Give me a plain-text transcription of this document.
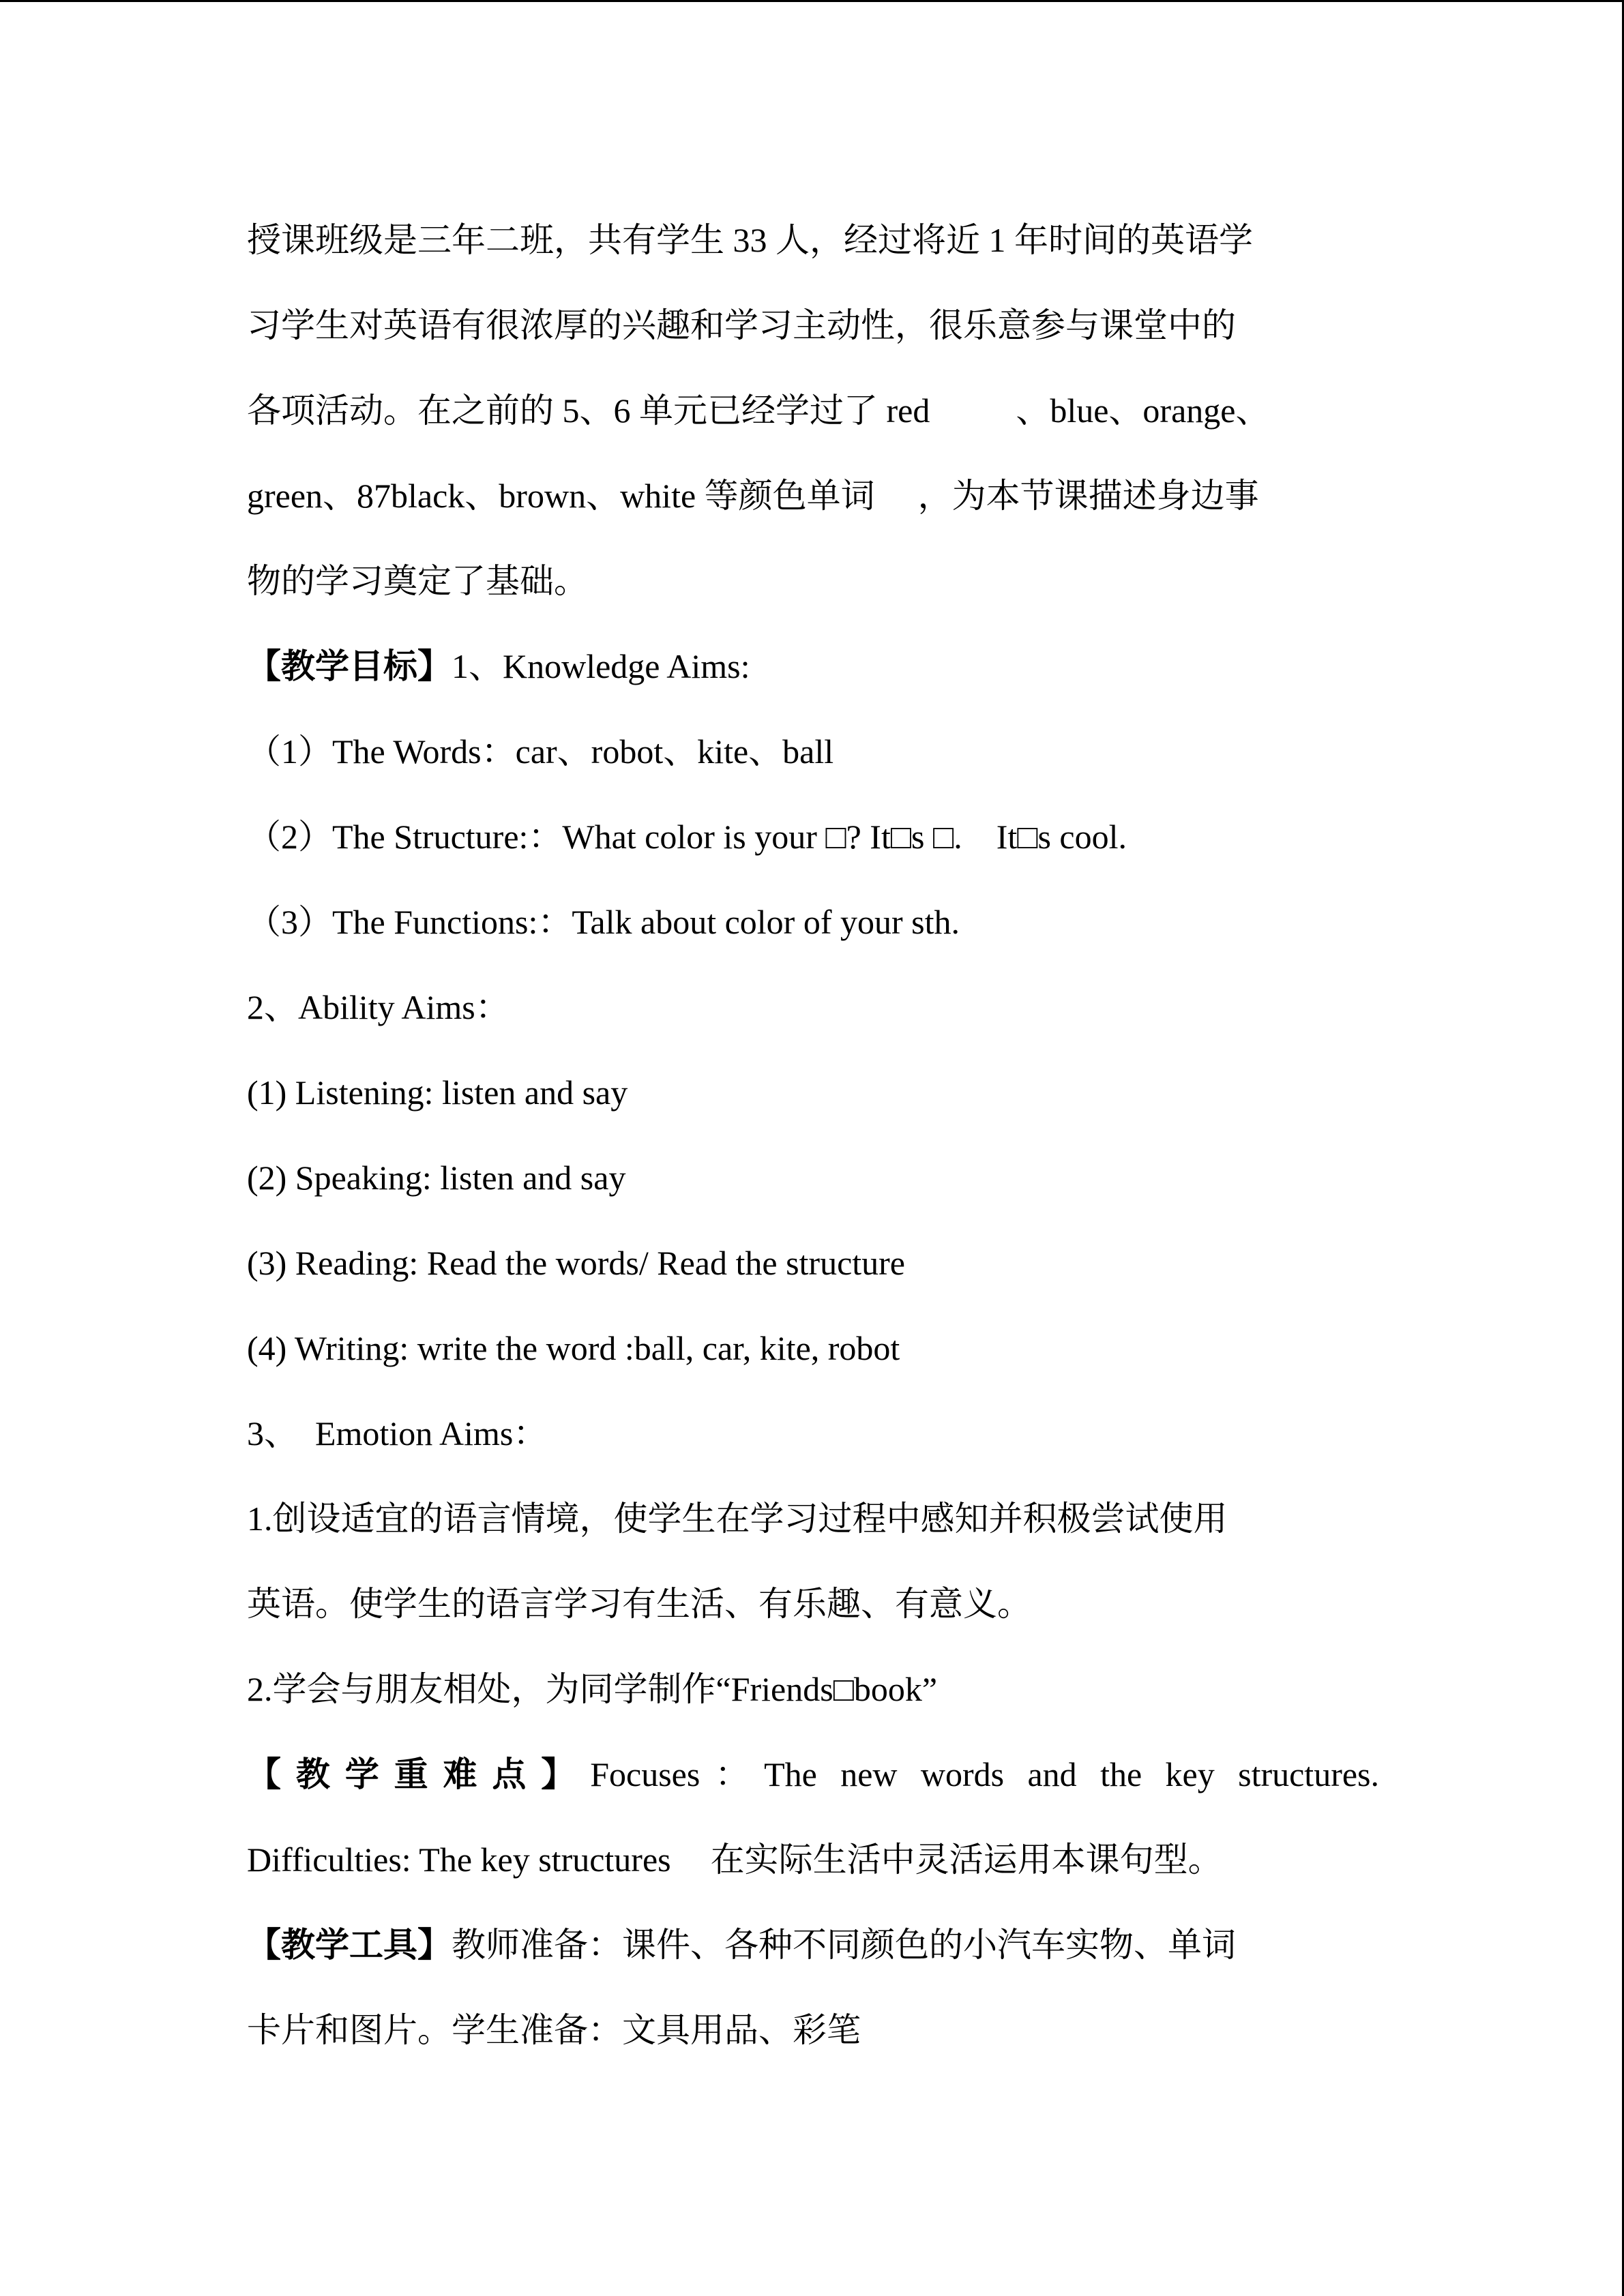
授课班级是三年二班，共有学生 33 人，经过将近 1 年时间的英语学
习学生对英语有很浓厚的兴趣和学习主动性，很乐意参与课堂中的
各项活动。在之前的 5、6 单元已经学过了 red	、blue、orange、
green、87black、brown、white 等颜色单词 ，为本节课描述身边事
物的学习奠定了基础。
【教学目标】1、Knowledge Aims:
（1）The Words：car、robot、kite、ball
（2）The Structure:：What color is your □? It□s □.    It□s cool.
（3）The Functions:：Talk about color of your sth.
2、Ability Aims：
(1) Listening: listen and say
(2) Speaking: listen and say
(3) Reading: Read the words/ Read the structure
(4) Writing: write the word :ball, car, kite, robot
3、  Emotion Aims：
1.创设适宜的语言情境，使学生在学习过程中感知并积极尝试使用
英语。使学生的语言学习有生活、有乐趣、有意义。
2.学会与朋友相处，为同学制作“Friends□book”
【教学重难点】Focuses：The new words and the key structures.
Difficulties: The key structures 在实际生活中灵活运用本课句型。
【教学工具】教师准备：课件、各种不同颜色的小汽车实物、单词
卡片和图片。学生准备：文具用品、彩笔
